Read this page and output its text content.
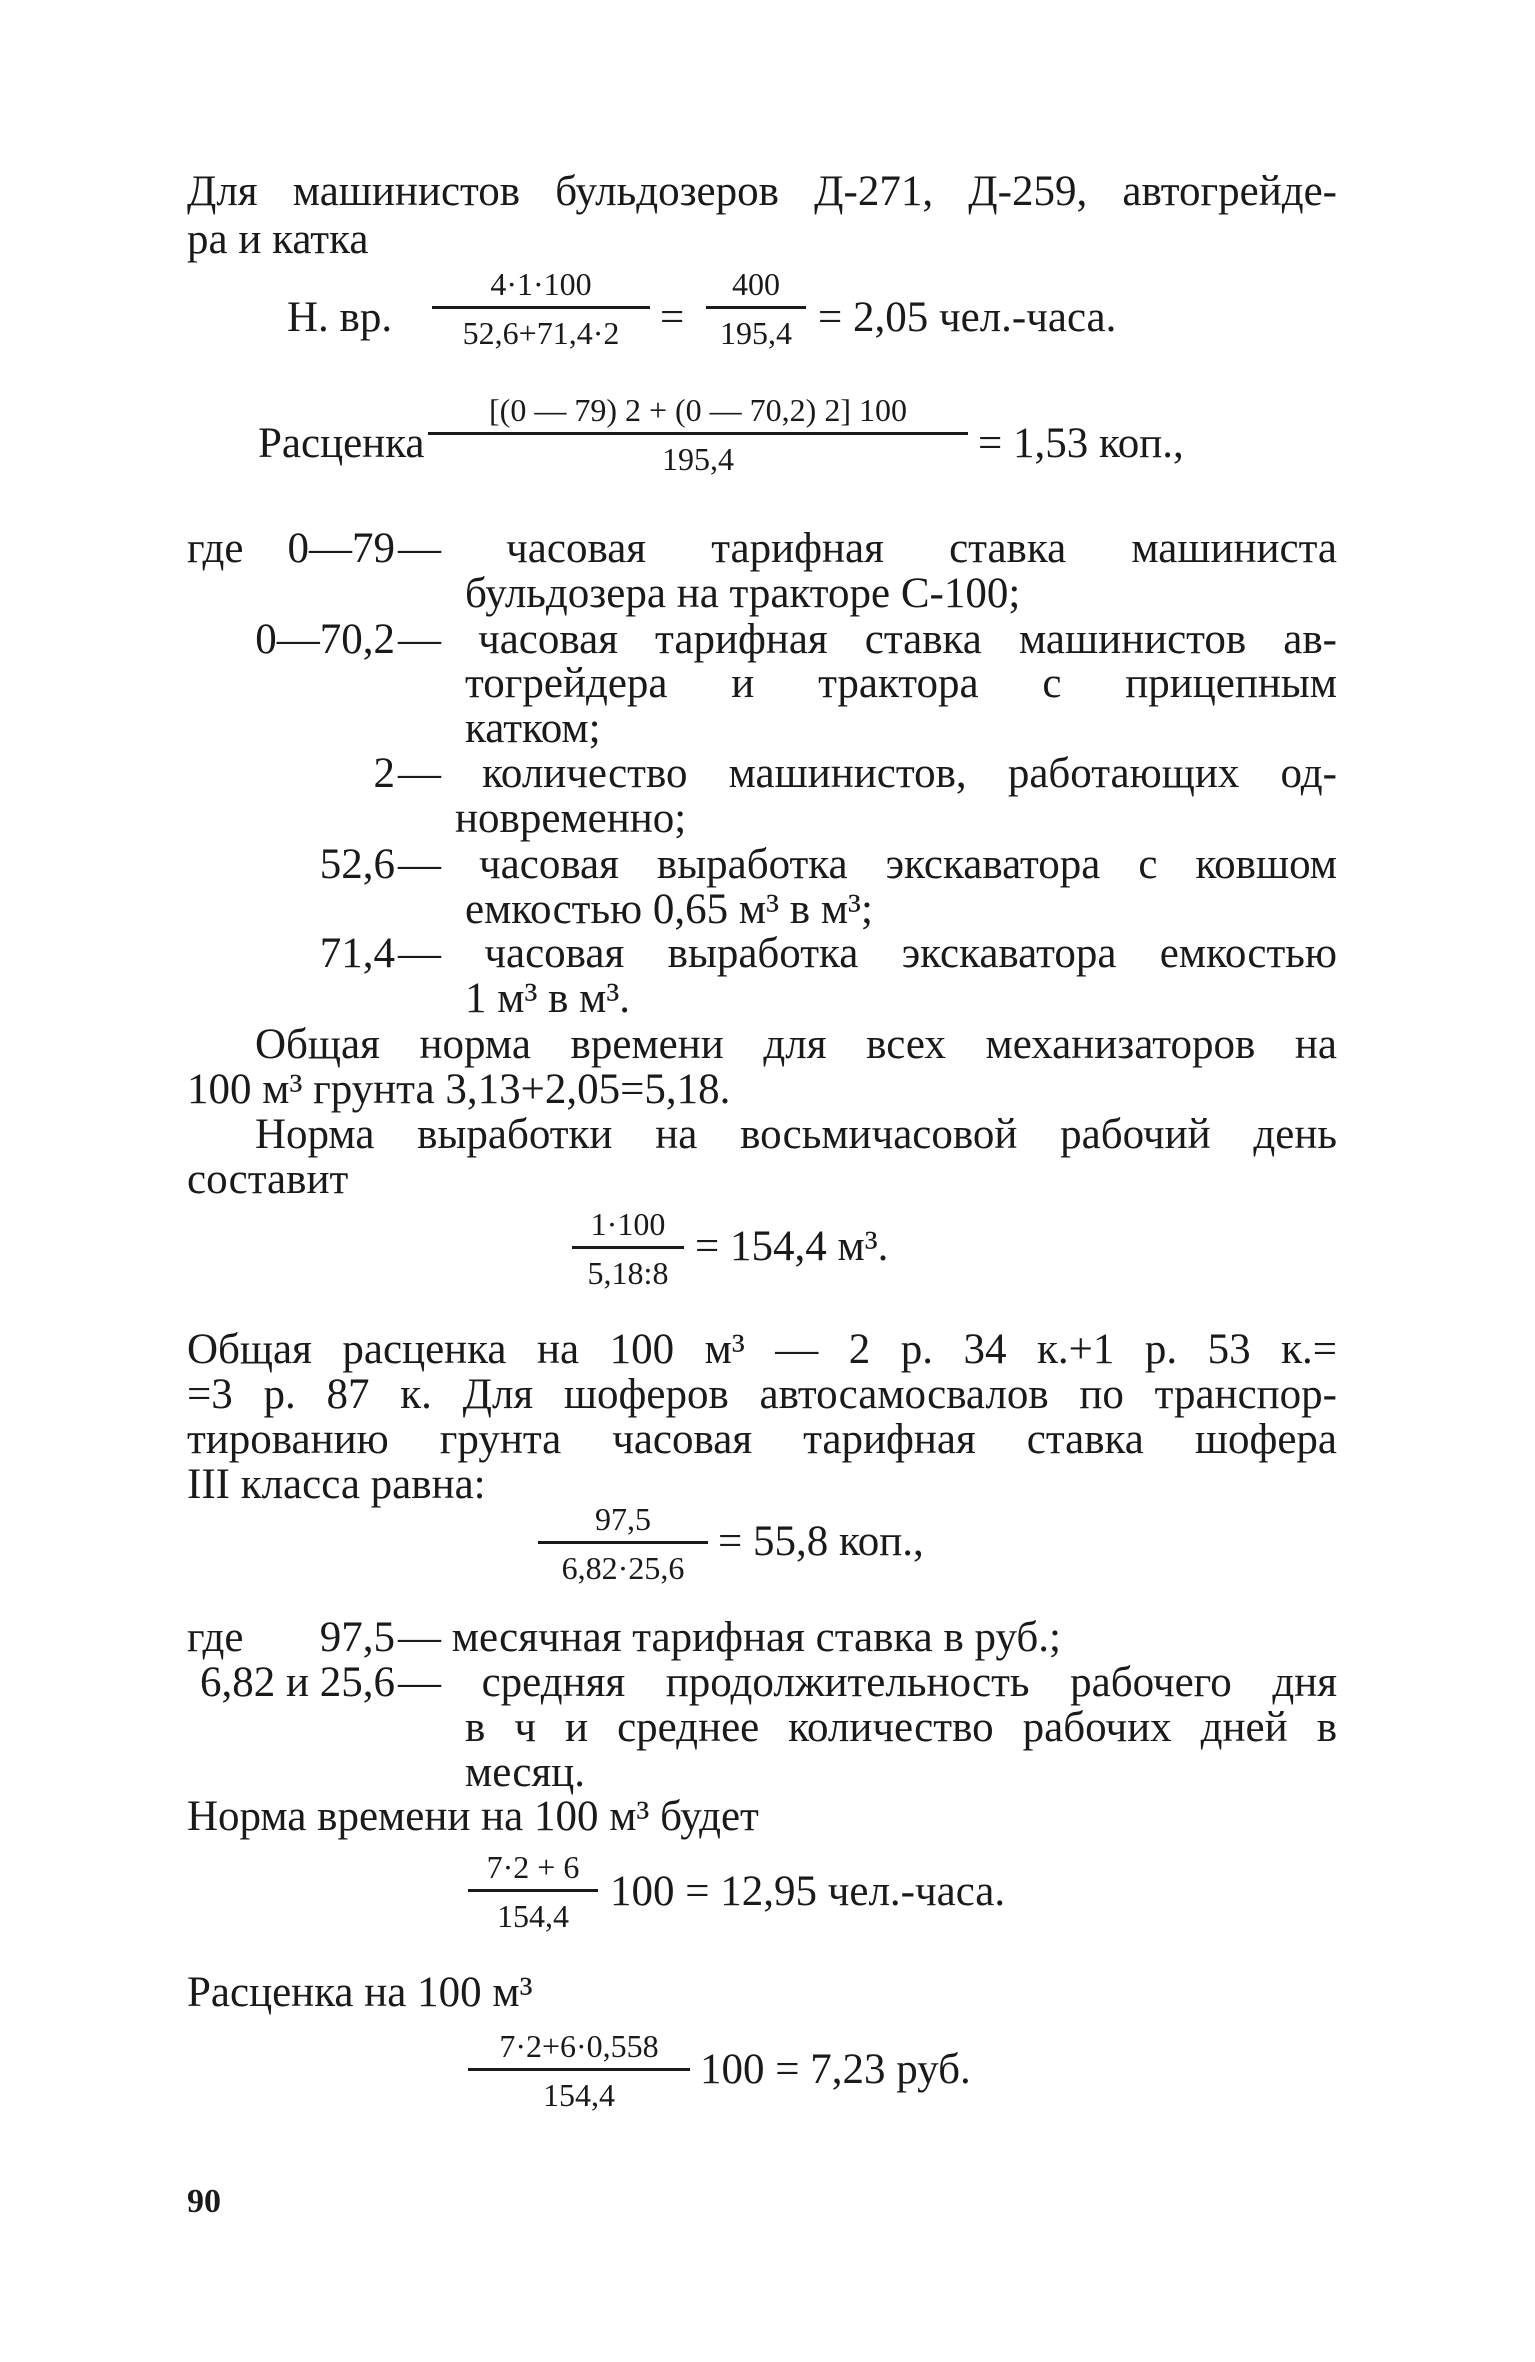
Для машинистов бульдозеров Д-271, Д-259, автогрейде-
ра и катка
Н. вр.
4·1·100
52,6+71,4·2 =
400
195,4 = 2,05 чел.-часа.
Расценка
[(0 — 79) 2 + (0 — 70,2) 2] 100
195,4	= 1,53 коп.,
где 0—79 — часовая тарифная ставка машиниста
бульдозера на тракторе С-100;
0—70,2 — часовая тарифная ставка машинистов ав-
тогрейдера и трактора с прицепным
катком;
2 — количество машинистов, работающих од-
новременно;
52,6 — часовая выработка экскаватора с ковшом
емкостью 0,65 м³ в м³;
71,4 — часовая выработка экскаватора емкостью
1 м³ в м³.
Общая норма времени для всех механизаторов на
100 м³ грунта 3,13+2,05=5,18.
Норма выработки на восьмичасовой рабочий день
составит
1·100
5,18:8
= 154,4 м³.
Общая расценка на 100 м³ — 2 р. 34 к.+1 р. 53 к.=
=3 р. 87 к. Для шоферов автосамосвалов по транспор-
тированию грунта часовая тарифная ставка шофера
III класса равна:
97,5
6,82·25,6
= 55,8 коп.,
где 97,5 — месячная тарифная ставка в руб.;
6,82 и 25,6 — средняя продолжительность рабочего дня
в ч и среднее количество рабочих дней в
месяц.
Норма времени на 100 м³ будет
7·2 + 6
154,4
100 = 12,95 чел.-часа.
Расценка на 100 м³
7·2+6·0,558
154,4
100 = 7,23 руб.
90
